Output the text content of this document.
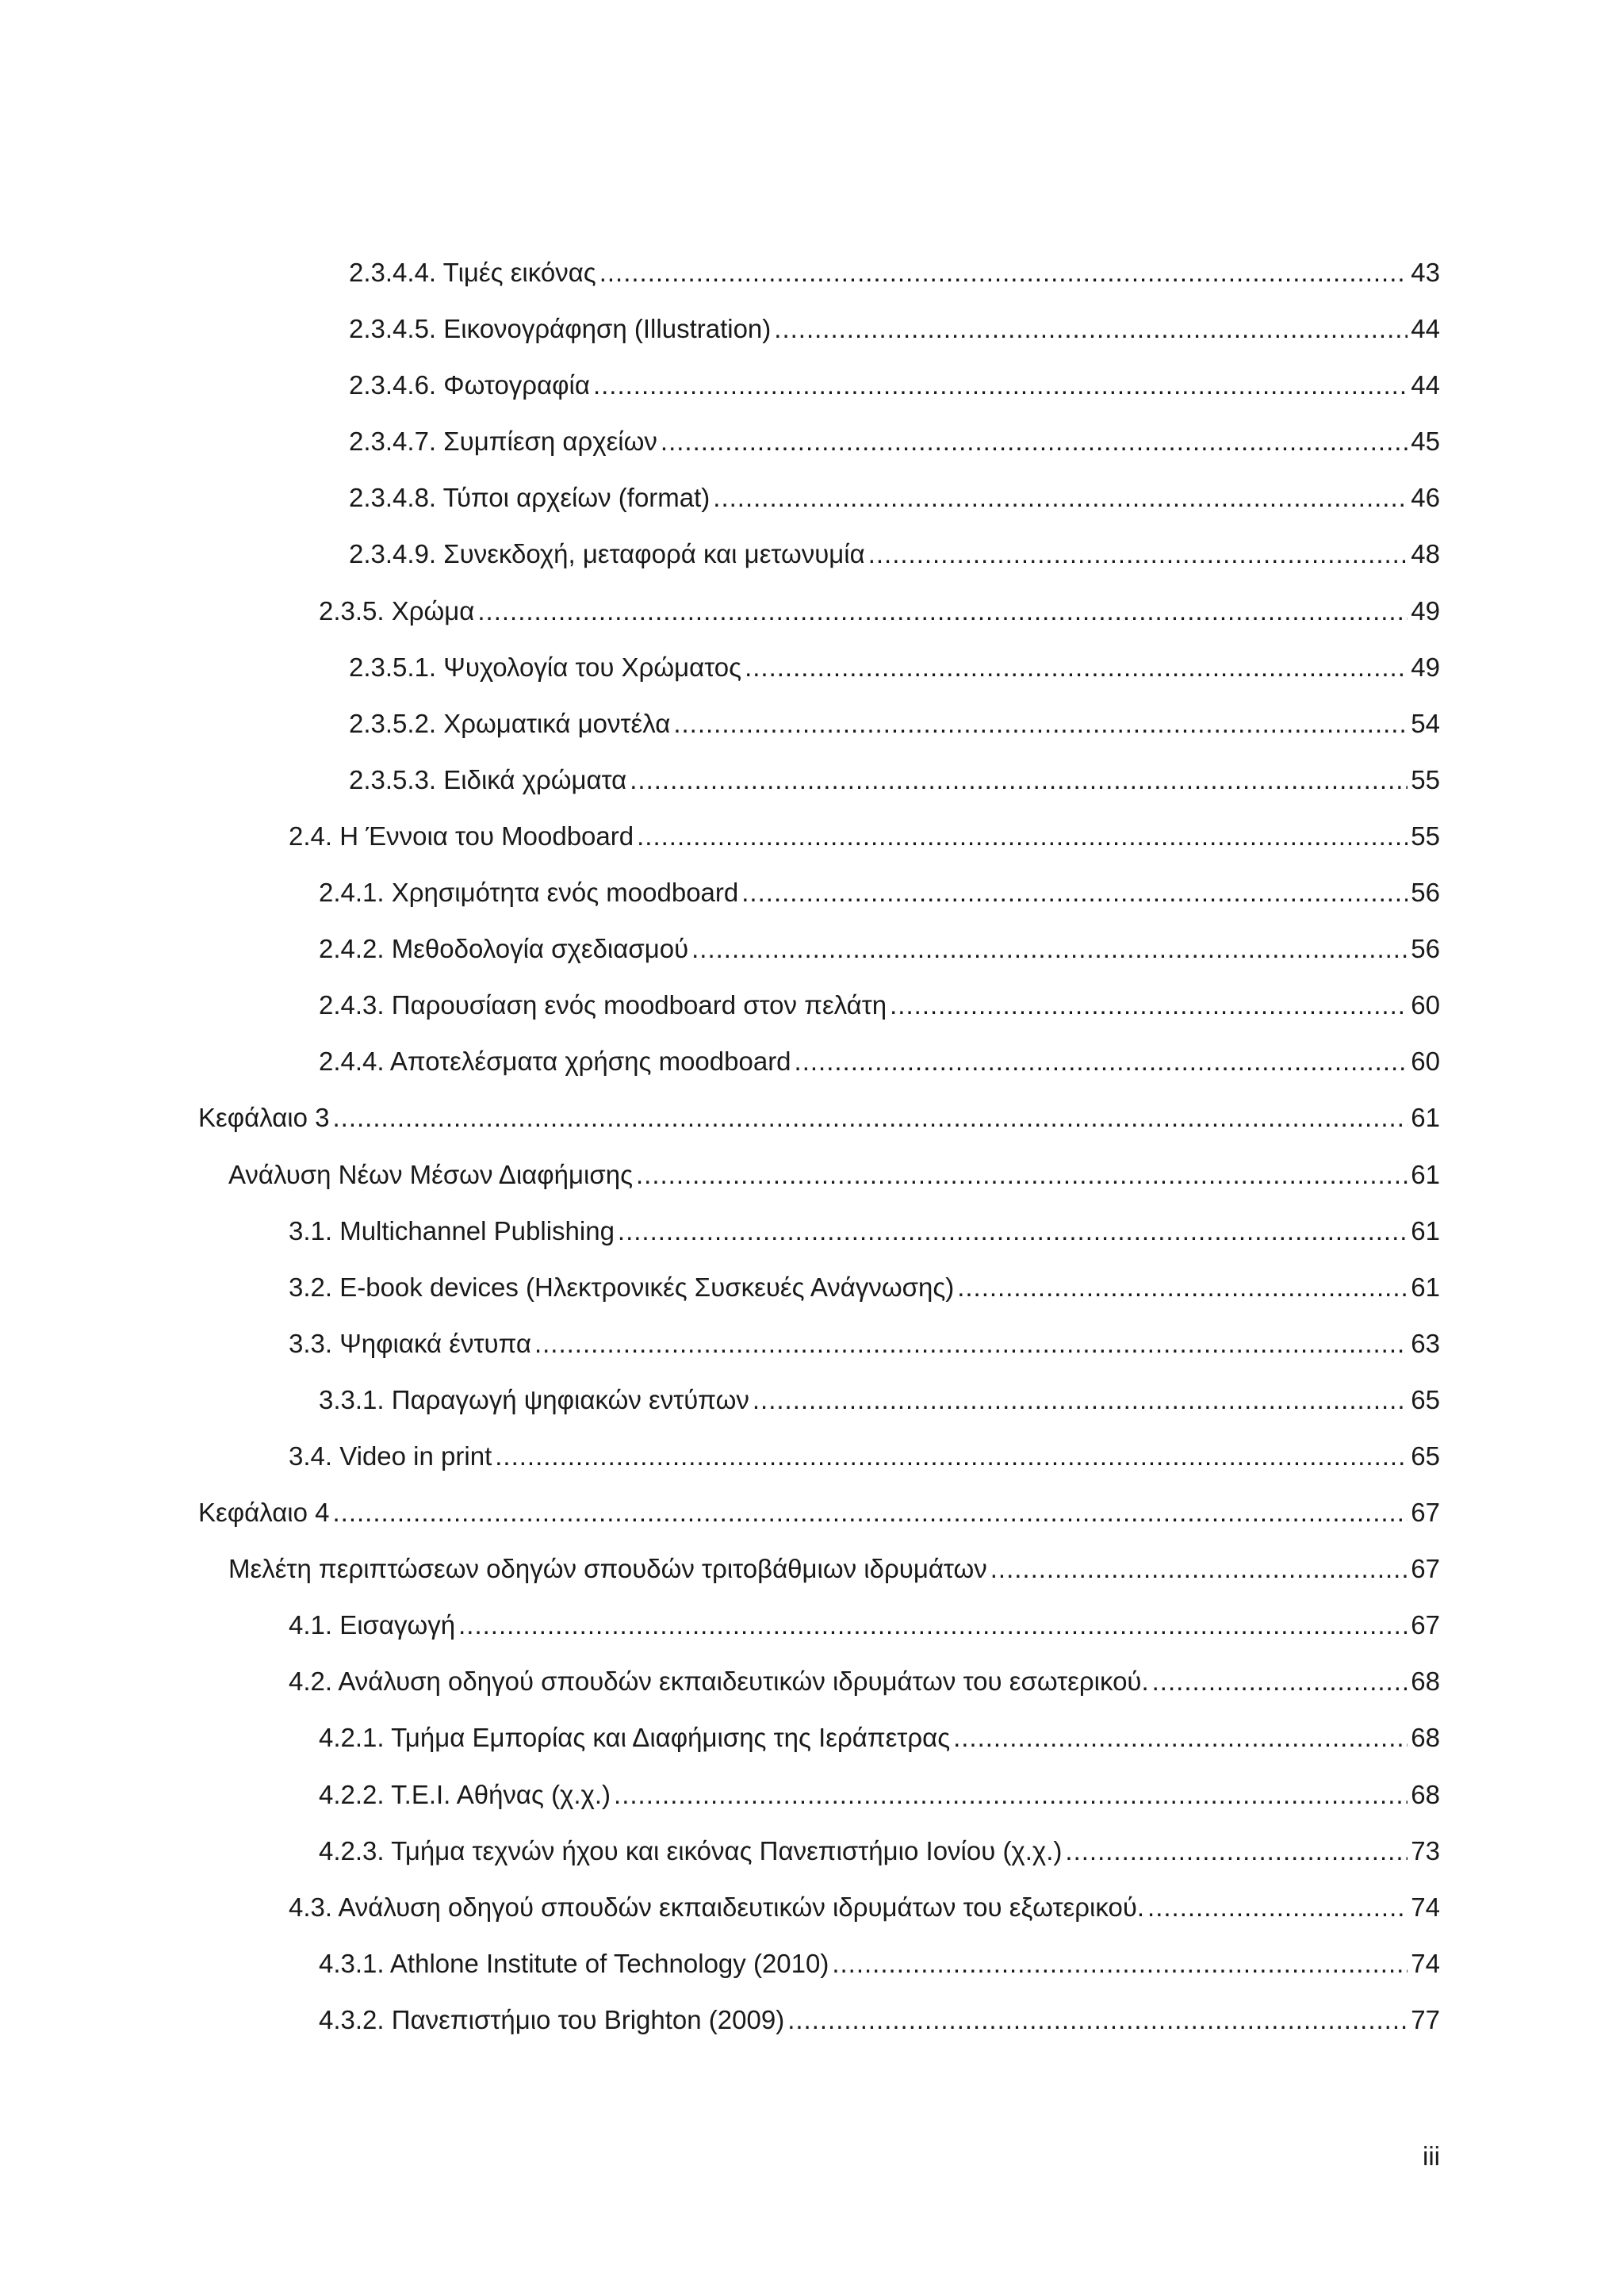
2.3.4.4. Τιμές εικόνας .....	43
2.3.4.5. Εικονογράφηση (Illustration) .....	44
2.3.4.6. Φωτογραφία .....	44
2.3.4.7. Συμπίεση αρχείων .....	45
2.3.4.8. Τύποι αρχείων (format) .....	46
2.3.4.9. Συνεκδοχή, μεταφορά και μετωνυμία .....	48
2.3.5. Χρώμα .....	49
2.3.5.1. Ψυχολογία του Χρώματος .....	49
2.3.5.2. Χρωματικά μοντέλα .....	54
2.3.5.3. Ειδικά χρώματα .....	55
2.4. Η Έννοια του Moodboard .....	55
2.4.1. Χρησιμότητα ενός moodboard .....	56
2.4.2. Μεθοδολογία σχεδιασμού .....	56
2.4.3. Παρουσίαση ενός moodboard στον πελάτη .....	60
2.4.4. Αποτελέσματα χρήσης moodboard .....	60
Κεφάλαιο 3 .....	61
Ανάλυση Νέων Μέσων Διαφήμισης .....	61
3.1. Multichannel Publishing .....	61
3.2. E-book devices (Ηλεκτρονικές Συσκευές Ανάγνωσης) .....	61
3.3. Ψηφιακά έντυπα .....	63
3.3.1. Παραγωγή ψηφιακών εντύπων .....	65
3.4. Video in print .....	65
Κεφάλαιο 4 .....	67
Μελέτη περιπτώσεων οδηγών σπουδών τριτοβάθμιων ιδρυμάτων .....	67
4.1. Εισαγωγή .....	67
4.2. Ανάλυση οδηγού σπουδών εκπαιδευτικών ιδρυμάτων του εσωτερικού. .....	68
4.2.1. Τμήμα Εμπορίας και Διαφήμισης της Ιεράπετρας .....	68
4.2.2. Τ.Ε.Ι. Αθήνας (χ.χ.) .....	68
4.2.3. Τμήμα τεχνών ήχου και εικόνας Πανεπιστήμιο Ιονίου (χ.χ.) .....	73
4.3. Ανάλυση οδηγού σπουδών εκπαιδευτικών ιδρυμάτων του εξωτερικού. .....	74
4.3.1. Athlone Institute of Technology (2010) .....	74
4.3.2. Πανεπιστήμιο του Brighton (2009) .....	77
iii
